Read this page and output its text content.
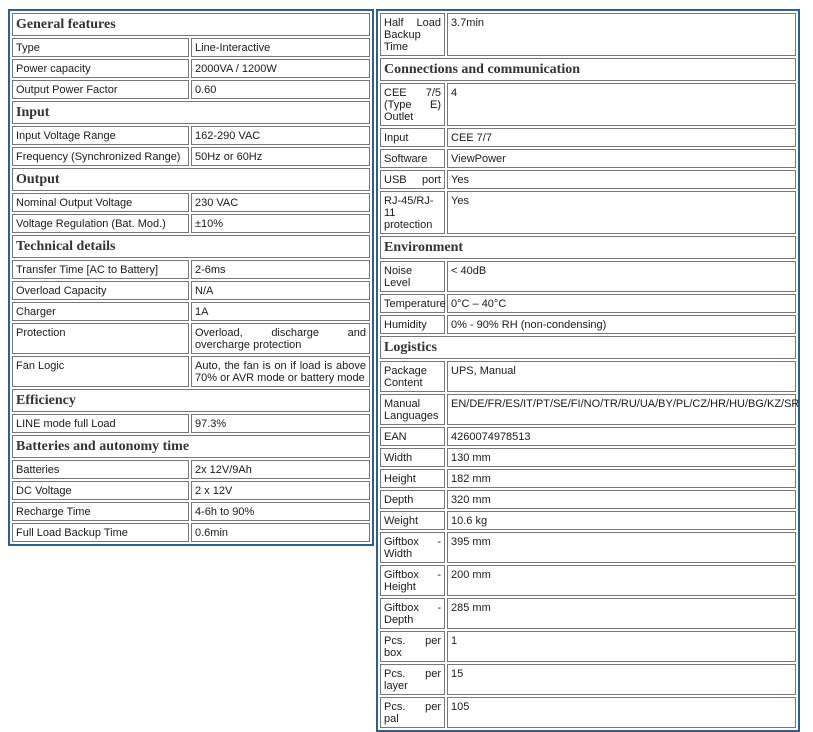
General features	
Type	Line-Interactive
Power capacity	2000VA / 1200W
Output Power Factor	0.60
Input	
Input Voltage Range	162-290 VAC
Frequency (Synchronized Range)	50Hz or 60Hz
Output	
Nominal Output Voltage	230 VAC
Voltage Regulation (Bat. Mod.)	±10%
Technical details	
Transfer Time [AC to Battery]	2-6ms
Overload Capacity	N/A
Charger	1A
Protection	Overload, discharge and overcharge protection
Fan Logic	Auto, the fan is on if load is above 70% or AVR mode or battery mode
Efficiency	
LINE mode full Load	97.3%
Batteries and autonomy time	
Batteries	2x 12V/9Ah
DC Voltage	2 x 12V
Recharge Time	4-6h to 90%
Full Load Backup Time	0.6min
Half Load Backup Time	3.7min
Connections and communication	
CEE 7/5 (Type E) Outlet	4
Input	CEE 7/7
Software	ViewPower
USB port	Yes
RJ-45/RJ-11 protection	Yes
Environment	
Noise Level	< 40dB
Temperature	0°C – 40°C
Humidity	0% - 90% RH (non-condensing)
Logistics	
Package Content	UPS, Manual
Manual Languages	EN/DE/FR/ES/IT/PT/SE/FI/NO/TR/RU/UA/BY/PL/CZ/HR/HU/BG/KZ/SR
EAN	4260074978513
Width	130 mm
Height	182 mm
Depth	320 mm
Weight	10.6 kg
Giftbox - Width	395 mm
Giftbox - Height	200 mm
Giftbox - Depth	285 mm
Pcs. per box	1
Pcs. per layer	15
Pcs. per pal	105
